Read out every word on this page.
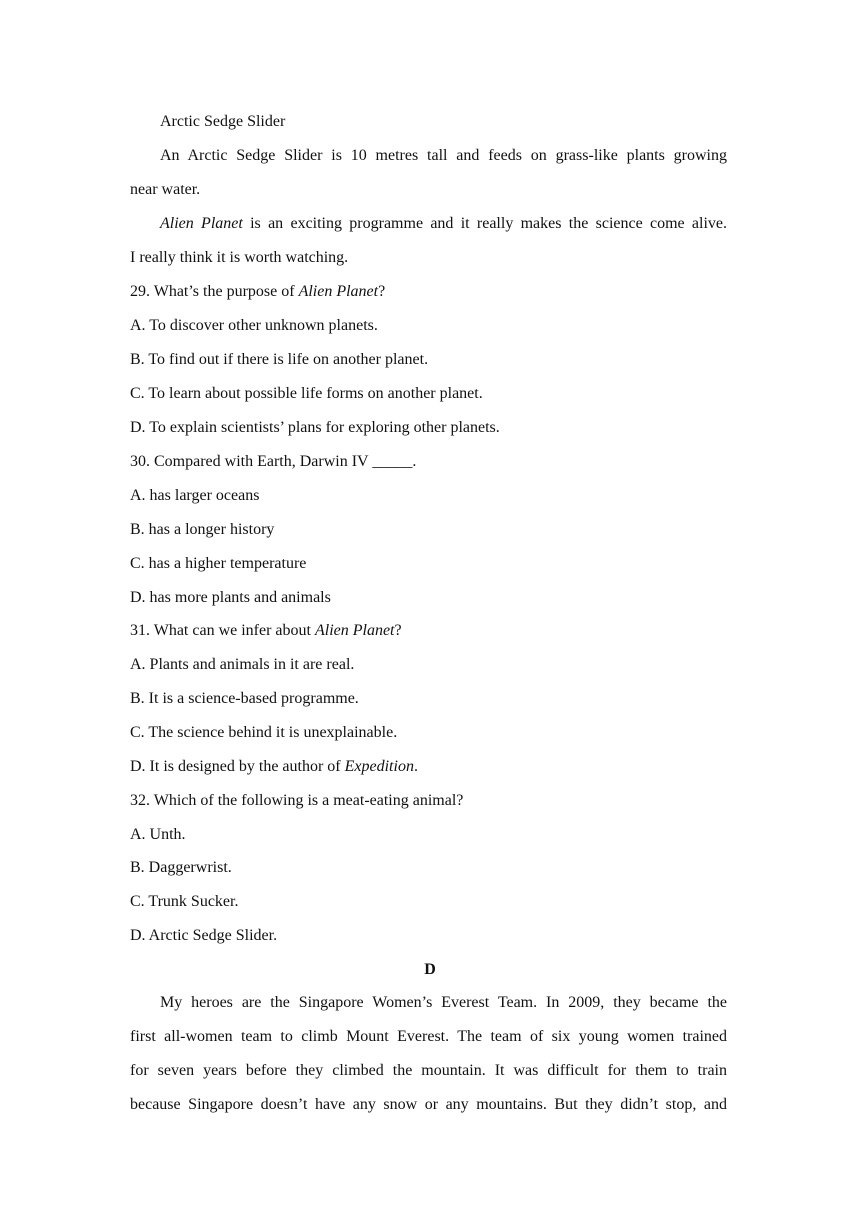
Arctic Sedge Slider
An Arctic Sedge Slider is 10 metres tall and feeds on grass-like plants growing
near water.
Alien Planet is an exciting programme and it really makes the science come alive.
I really think it is worth watching.
29. What’s the purpose of Alien Planet?
A. To discover other unknown planets.
B. To find out if there is life on another planet.
C. To learn about possible life forms on another planet.
D. To explain scientists’ plans for exploring other planets.
30. Compared with Earth, Darwin IV _____.
A. has larger oceans
B. has a longer history
C. has a higher temperature
D. has more plants and animals
31. What can we infer about Alien Planet?
A. Plants and animals in it are real.
B. It is a science-based programme.
C. The science behind it is unexplainable.
D. It is designed by the author of Expedition.
32. Which of the following is a meat-eating animal?
A. Unth.
B. Daggerwrist.
C. Trunk Sucker.
D. Arctic Sedge Slider.
D
My heroes are the Singapore Women’s Everest Team. In 2009, they became the
first all-women team to climb Mount Everest. The team of six young women trained
for seven years before they climbed the mountain. It was difficult for them to train
because Singapore doesn’t have any snow or any mountains. But they didn’t stop, and
